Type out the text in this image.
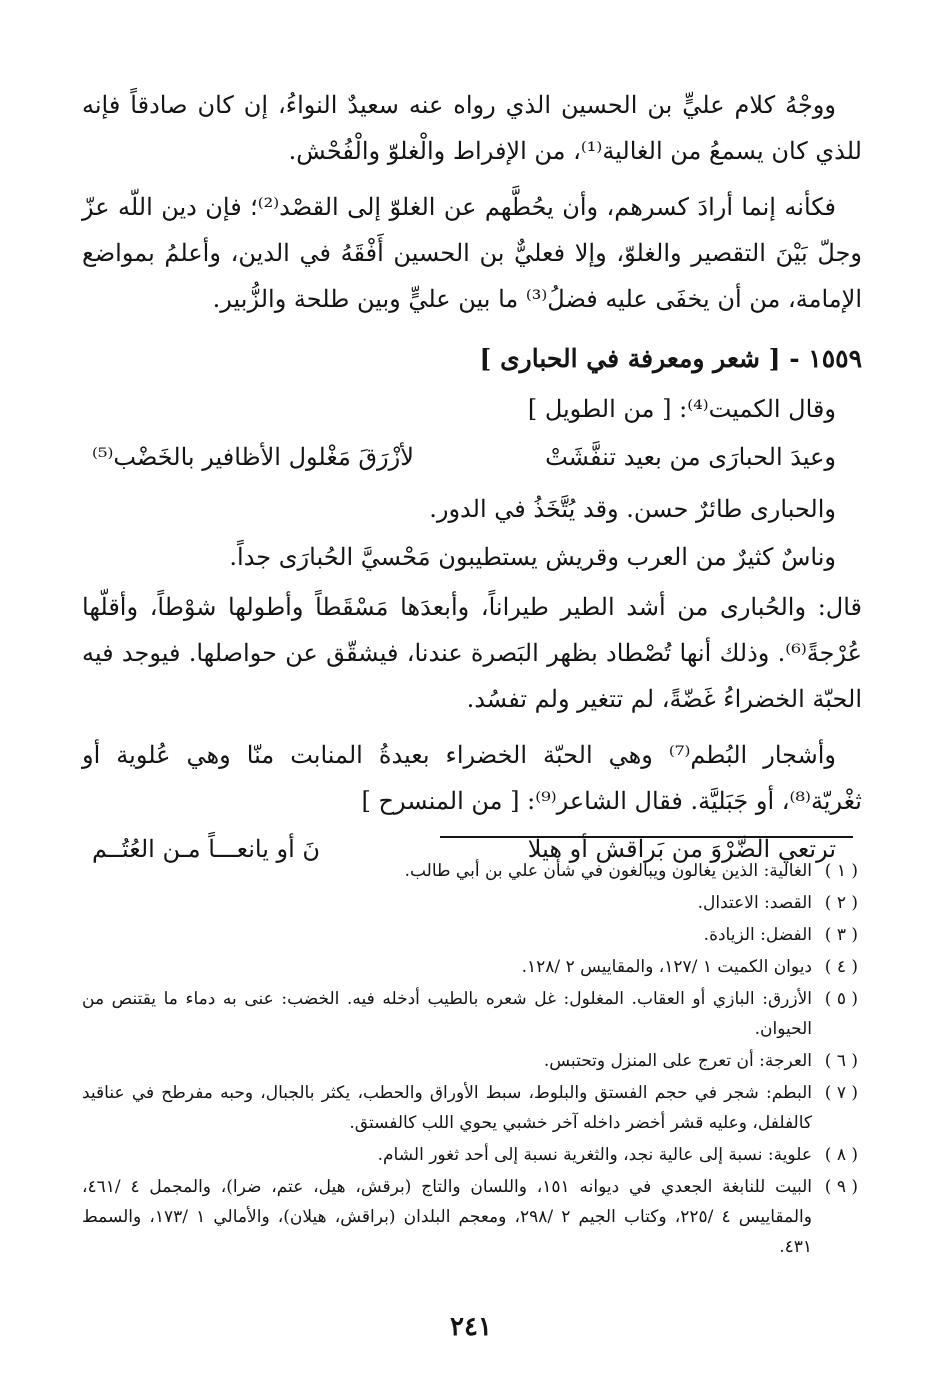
ووجْهُ كلام عليٍّ بن الحسين الذي رواه عنه سعيدٌ النواءُ، إن كان صادقاً فإنه للذي كان يسمعُ من الغالية⁽¹⁾، من الإفراط والْغلوّ والْفُحْش.

فكأنه إنما أرادَ كسرهم، وأن يحُطَّهم عن الغلوّ إلى القصْد⁽²⁾؛ فإن دين اللّه عزّ وجلّ بَيْنَ التقصير والغلوّ، وإلا فعليٌّ بن الحسين أَفْقَهُ في الدين، وأعلمُ بمواضع الإمامة، من أن يخفَى عليه فضلُ⁽³⁾ ما بين عليٍّ وبين طلحة والزُّبير.

١٥٥٩ - [ شعر ومعرفة في الحبارى ]

وقال الكميت⁽⁴⁾: [ من الطويل ]

وعيدَ الحبارَى من بعيد تنفَّشَتْ
لأزْرَقَ مَغْلول الأظافير بالخَضْب⁽⁵⁾

والحبارى طائرٌ حسن. وقد يُتَّخَذُ في الدور.

وناسٌ كثيرٌ من العرب وقريش يستطيبون مَحْسيَّ الحُبارَى جداً.

قال: والحُبارى من أشد الطير طيراناً، وأبعدَها مَسْقَطاً وأطولها شوْطاً، وأقلّها عُرْجةً⁽⁶⁾. وذلك أنها تُصْطاد بظهر البَصرة عندنا، فيشقّق عن حواصلها. فيوجد فيه الحبّة الخضراءُ غَضّةً، لم تتغير ولم تفسُد.

وأشجار البُطم⁽⁷⁾ وهي الحبّة الخضراء بعيدةُ المنابت منّا وهي عُلوية أو ثغْريّة⁽⁸⁾، أو جَبَليَّة. فقال الشاعر⁽⁹⁾: [ من المنسرح ]

ترتعي الضَّرْوَ من بَراقش أو هيلا
نَ أو يانعـــاً مـن العُتُــم
( ١ )
الغالية: الذين يغالون ويبالغون في شأن علي بن أبي طالب.
( ٢ )
القصد: الاعتدال.
( ٣ )
الفضل: الزيادة.
( ٤ )
ديوان الكميت ١ /١٢٧، والمقاييس ٢ /١٢٨.
( ٥ )
الأزرق: البازي أو العقاب. المغلول: غل شعره بالطيب أدخله فيه. الخضب: عنى به دماء ما يقتنص من الحيوان.
( ٦ )
العرجة: أن تعرج على المنزل وتحتبس.
( ٧ )
البطم: شجر في حجم الفستق والبلوط، سبط الأوراق والحطب، يكثر بالجبال، وحبه مفرطح في عناقيد كالفلفل، وعليه قشر أخضر داخله آخر خشبي يحوي اللب كالفستق.
( ٨ )
علوية: نسبة إلى عالية نجد، والثغرية نسبة إلى أحد ثغور الشام.
( ٩ )
البيت للنابغة الجعدي في ديوانه ١٥١، واللسان والتاج (برقش، هيل، عتم، ضرا)، والمجمل ٤ /٤٦١، والمقاييس ٤ /٢٢٥، وكتاب الجيم ٢ /٢٩٨، ومعجم البلدان (براقش، هيلان)، والأمالي ١ /١٧٣، والسمط ٤٣١.
٢٤١
